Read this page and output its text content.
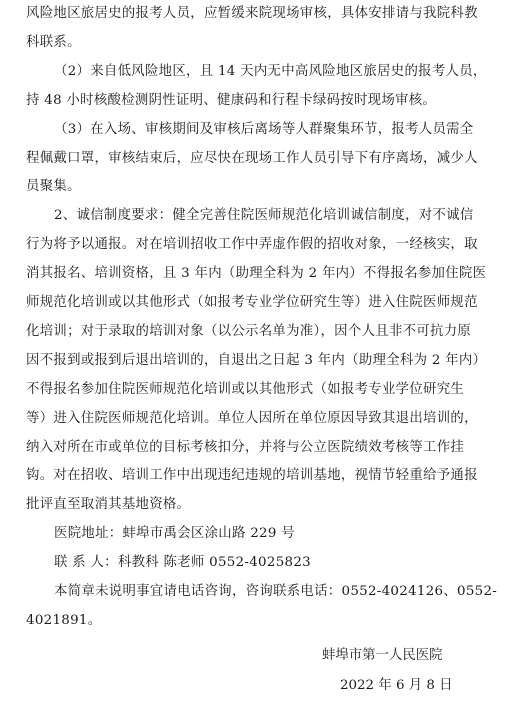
风险地区旅居史的报考人员，应暂缓来院现场审核，具体安排请与我院科教
科联系。
（2）来自低风险地区，且 14 天内无中高风险地区旅居史的报考人员，
持 48 小时核酸检测阴性证明、健康码和行程卡绿码按时现场审核。
（3）在入场、审核期间及审核后离场等人群聚集环节，报考人员需全
程佩戴口罩，审核结束后，应尽快在现场工作人员引导下有序离场，减少人
员聚集。
2、诚信制度要求：健全完善住院医师规范化培训诚信制度，对不诚信
行为将予以通报。对在培训招收工作中弄虚作假的招收对象，一经核实，取
消其报名、培训资格，且 3 年内（助理全科为 2 年内）不得报名参加住院医
师规范化培训或以其他形式（如报考专业学位研究生等）进入住院医师规范
化培训；对于录取的培训对象（以公示名单为准），因个人且非不可抗力原
因不报到或报到后退出培训的，自退出之日起 3 年内（助理全科为 2 年内）
不得报名参加住院医师规范化培训或以其他形式（如报考专业学位研究生
等）进入住院医师规范化培训。单位人因所在单位原因导致其退出培训的，
纳入对所在市或单位的目标考核扣分，并将与公立医院绩效考核等工作挂
钩。对在招收、培训工作中出现违纪违规的培训基地，视情节轻重给予通报
批评直至取消其基地资格。
医院地址：蚌埠市禹会区涂山路 229 号
联 系 人：科教科 陈老师 0552-4025823
本简章未说明事宜请电话咨询，咨询联系电话：0552-4024126、0552-
4021891。
蚌埠市第一人民医院
2022 年 6 月 8 日
